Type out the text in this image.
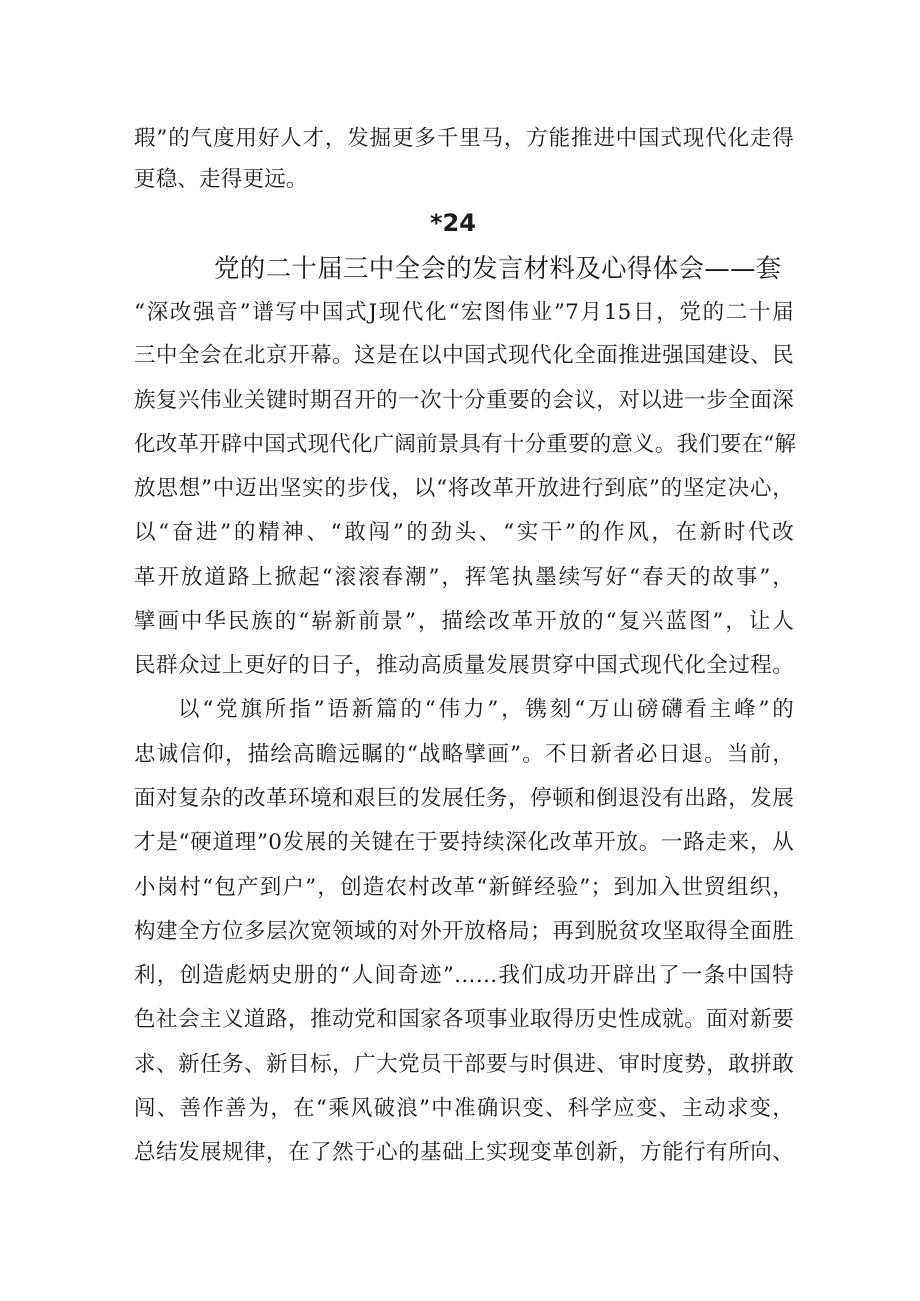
瑕”的气度用好人才，发掘更多千里马，方能推进中国式现代化走得
更稳、走得更远。
*24
党的二十届三中全会的发言材料及心得体会——套
“深改强音”谱写中国式J现代化“宏图伟业”7月15日，党的二十届
三中全会在北京开幕。这是在以中国式现代化全面推进强国建设、民
族复兴伟业关键时期召开的一次十分重要的会议，对以进一步全面深
化改革开辟中国式现代化广阔前景具有十分重要的意义。我们要在“解
放思想”中迈出坚实的步伐，以“将改革开放进行到底”的坚定决心，
以“奋进”的精神、“敢闯”的劲头、“实干”的作风，在新时代改
革开放道路上掀起“滚滚春潮”，挥笔执墨续写好“春天的故事”，
擘画中华民族的“崭新前景”，描绘改革开放的“复兴蓝图”，让人
民群众过上更好的日子，推动高质量发展贯穿中国式现代化全过程。
以“党旗所指”语新篇的“伟力”，镌刻“万山磅礴看主峰”的
忠诚信仰，描绘高瞻远瞩的“战略擘画”。不日新者必日退。当前，
面对复杂的改革环境和艰巨的发展任务，停顿和倒退没有出路，发展
才是“硬道理”0发展的关键在于要持续深化改革开放。一路走来，从
小岗村“包产到户”，创造农村改革“新鲜经验”；到加入世贸组织，
构建全方位多层次宽领域的对外开放格局；再到脱贫攻坚取得全面胜
利，创造彪炳史册的“人间奇迹”……我们成功开辟出了一条中国特
色社会主义道路，推动党和国家各项事业取得历史性成就。面对新要
求、新任务、新目标，广大党员干部要与时俱进、审时度势，敢拼敢
闯、善作善为，在“乘风破浪”中准确识变、科学应变、主动求变，
总结发展规律，在了然于心的基础上实现变革创新，方能行有所向、
